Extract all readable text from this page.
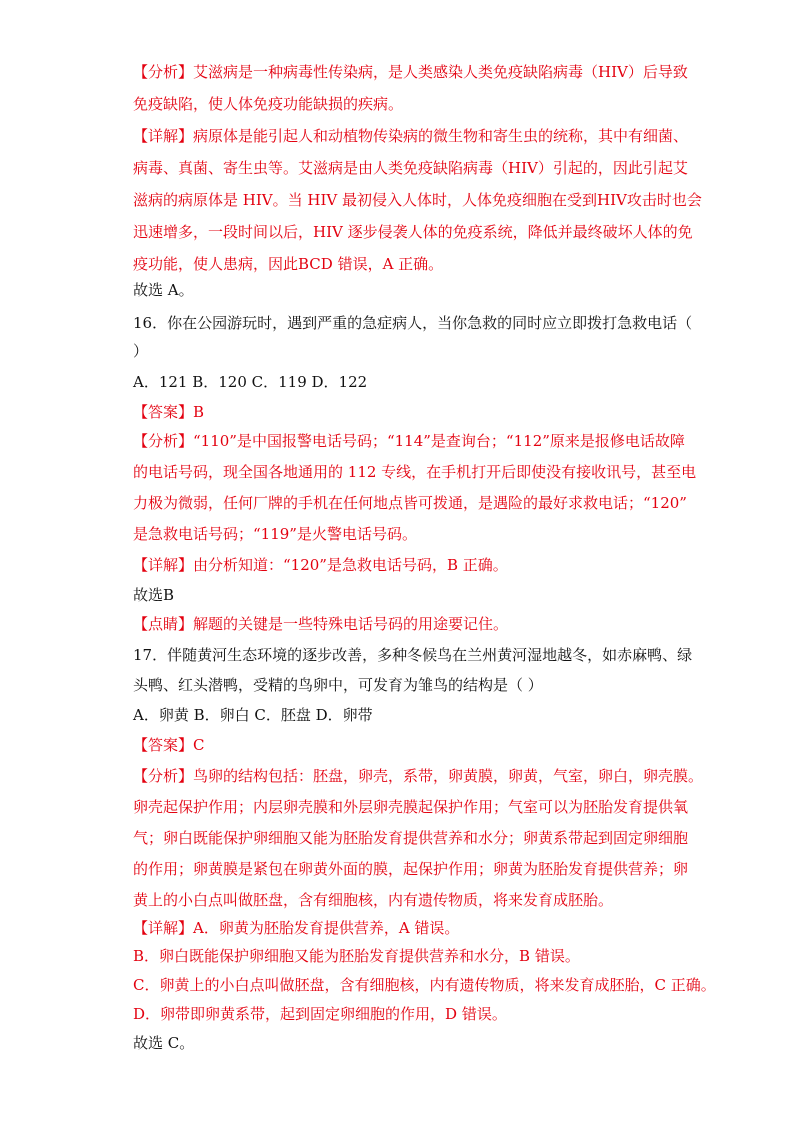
【分析】艾滋病是一种病毒性传染病，是人类感染人类免疫缺陷病毒（HIV）后导致
免疫缺陷，使人体免疫功能缺损的疾病。
【详解】病原体是能引起人和动植物传染病的微生物和寄生虫的统称，其中有细菌、
病毒、真菌、寄生虫等。艾滋病是由人类免疫缺陷病毒（HIV）引起的，因此引起艾
滋病的病原体是 HIV。当 HIV 最初侵入人体时，人体免疫细胞在受到HIV攻击时也会
迅速增多，一段时间以后，HIV 逐步侵袭人体的免疫系统，降低并最终破坏人体的免
疫功能，使人患病，因此BCD 错误，A 正确。
故选 A。
16．你在公园游玩时，遇到严重的急症病人，当你急救的同时应立即拨打急救电话（
）
A．121 B．120 C．119 D．122
【答案】B
【分析】“110”是中国报警电话号码；“114”是查询台；“112”原来是报修电话故障
的电话号码，现全国各地通用的 112 专线，在手机打开后即使没有接收讯号，甚至电
力极为微弱，任何厂牌的手机在任何地点皆可拨通，是遇险的最好求救电话；“120”
是急救电话号码；“119”是火警电话号码。
【详解】由分析知道：“120”是急救电话号码，B 正确。
故选B
【点睛】解题的关键是一些特殊电话号码的用途要记住。
17．伴随黄河生态环境的逐步改善，多种冬候鸟在兰州黄河湿地越冬，如赤麻鸭、绿
头鸭、红头潜鸭，受精的鸟卵中，可发育为雏鸟的结构是（ ）
A．卵黄 B．卵白 C．胚盘 D．卵带
【答案】C
【分析】鸟卵的结构包括：胚盘，卵壳，系带，卵黄膜，卵黄，气室，卵白，卵壳膜。
卵壳起保护作用；内层卵壳膜和外层卵壳膜起保护作用；气室可以为胚胎发育提供氧
气；卵白既能保护卵细胞又能为胚胎发育提供营养和水分；卵黄系带起到固定卵细胞
的作用；卵黄膜是紧包在卵黄外面的膜，起保护作用；卵黄为胚胎发育提供营养；卵
黄上的小白点叫做胚盘，含有细胞核，内有遗传物质，将来发育成胚胎。
【详解】A．卵黄为胚胎发育提供营养，A 错误。
B．卵白既能保护卵细胞又能为胚胎发育提供营养和水分，B 错误。
C．卵黄上的小白点叫做胚盘，含有细胞核，内有遗传物质，将来发育成胚胎，C 正确。
D．卵带即卵黄系带，起到固定卵细胞的作用，D 错误。
故选 C。
